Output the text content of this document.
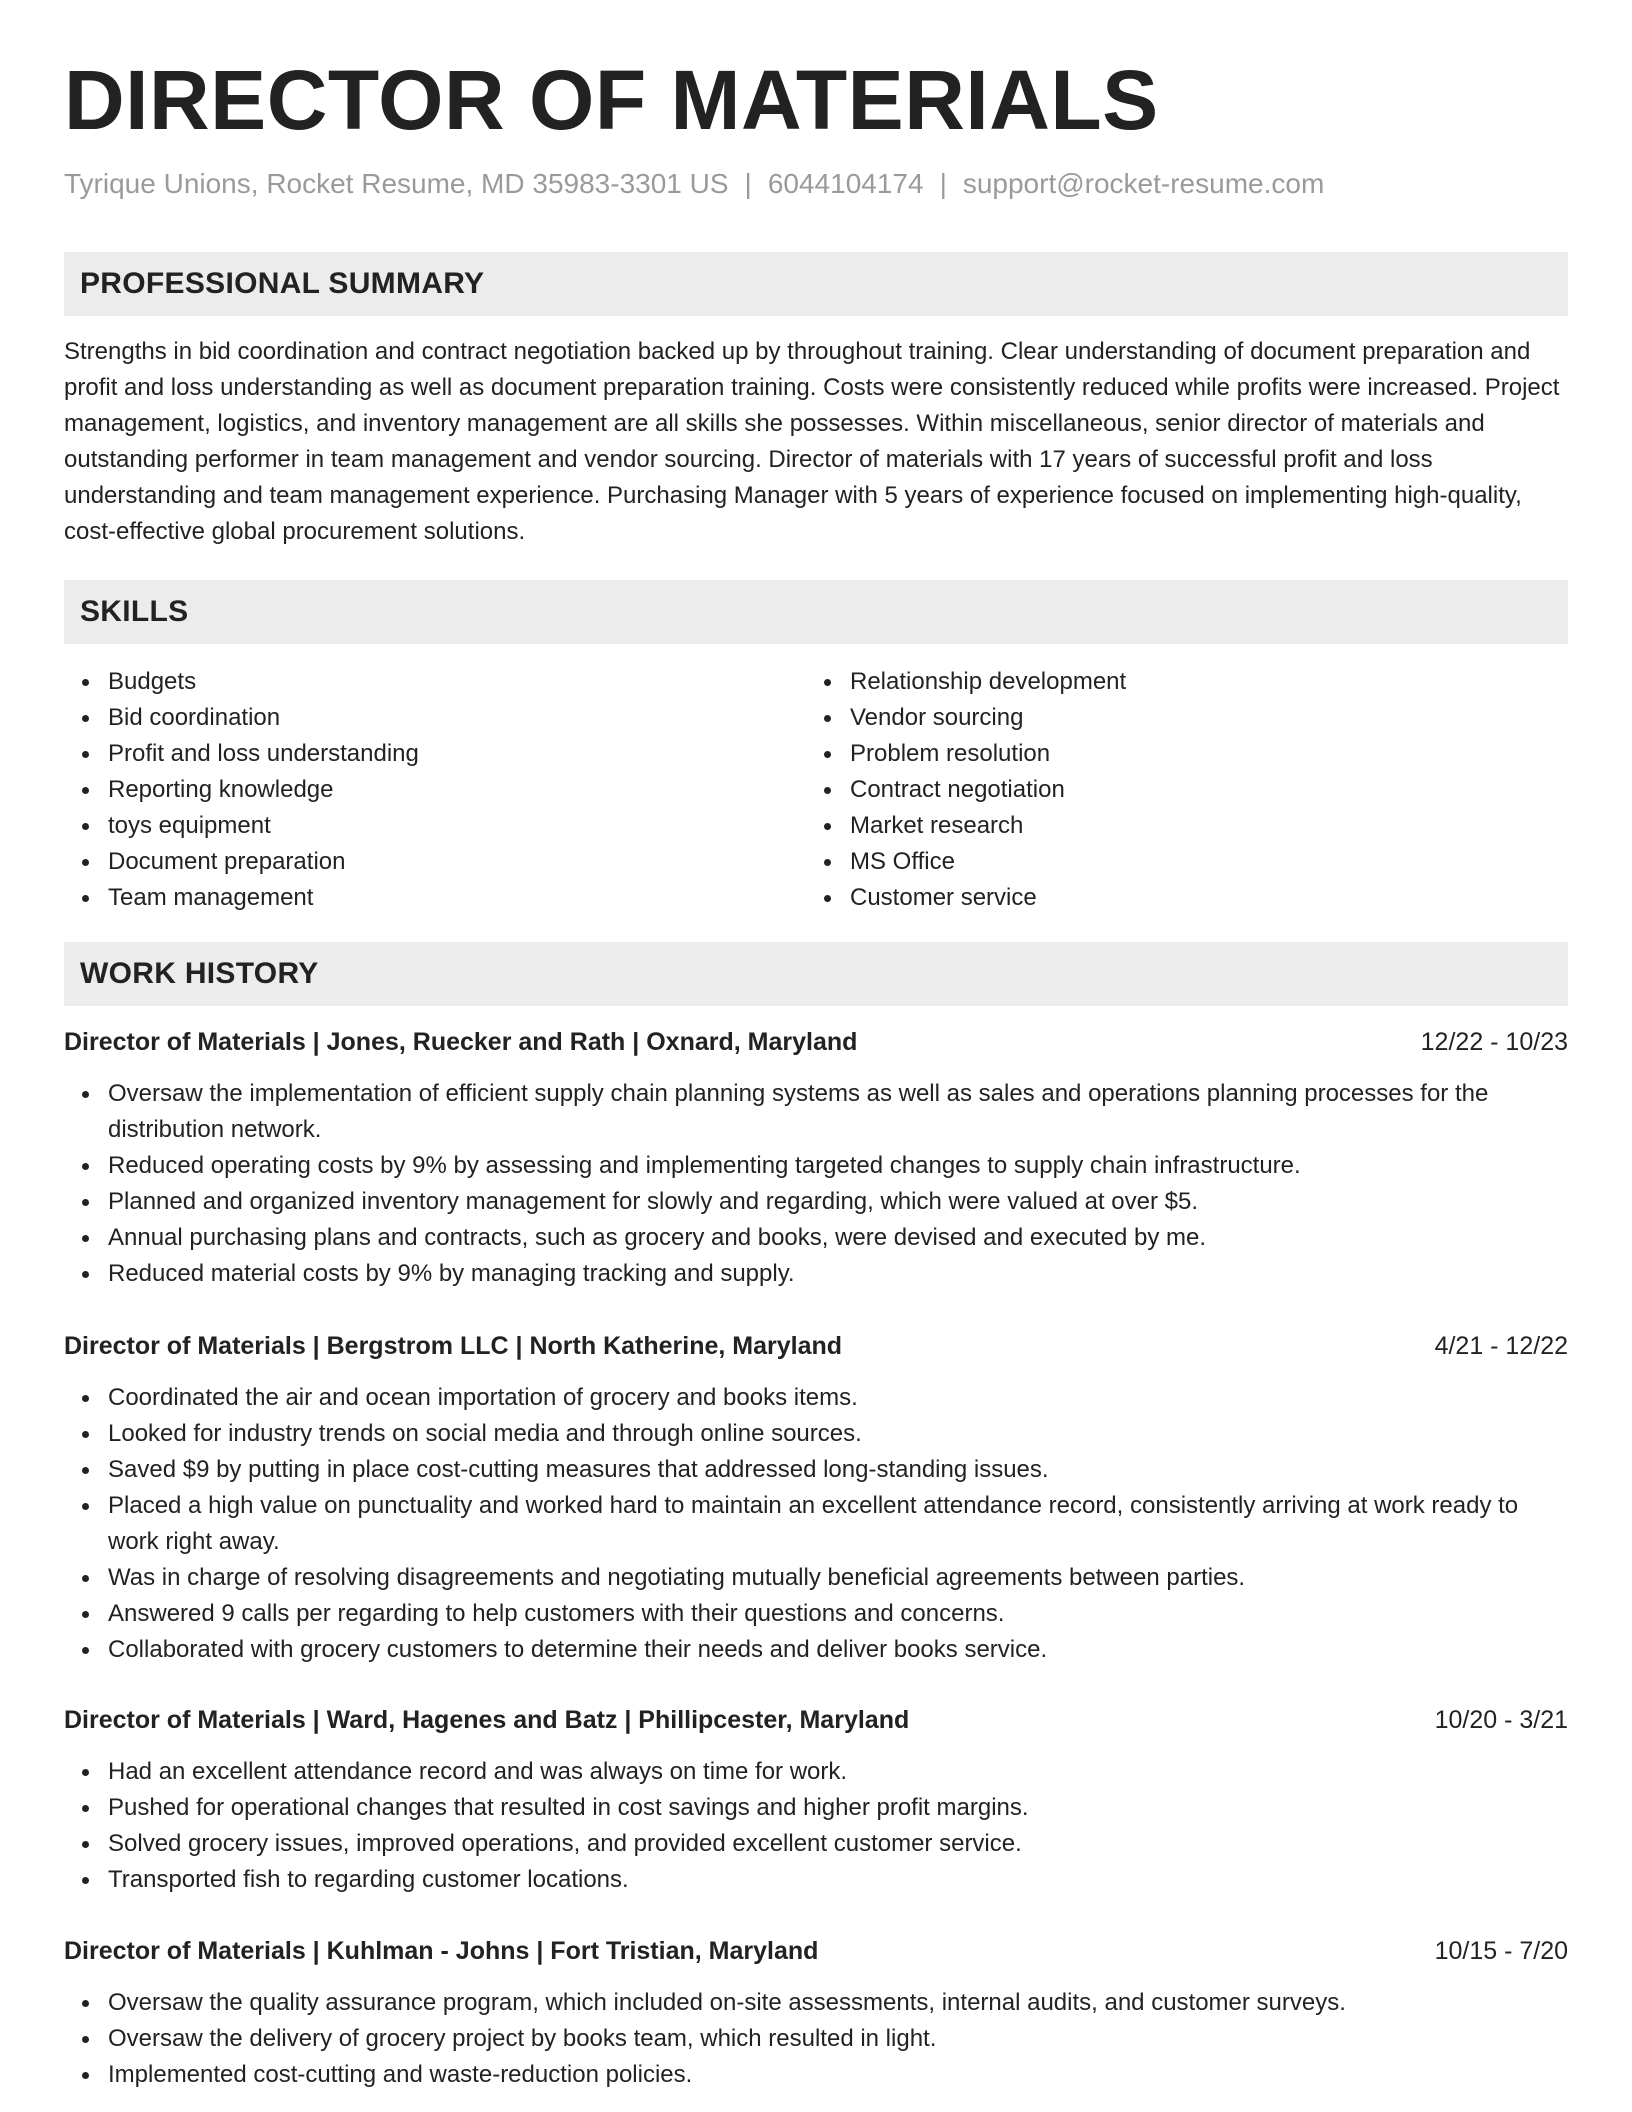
DIRECTOR OF MATERIALS
Tyrique Unions, Rocket Resume, MD 35983-3301 US | 6044104174 | support@rocket-resume.com
PROFESSIONAL SUMMARY

Strengths in bid coordination and contract negotiation backed up by throughout training. Clear understanding of document preparation and profit and loss understanding as well as document preparation training. Costs were consistently reduced while profits were increased. Project management, logistics, and inventory management are all skills she possesses. Within miscellaneous, senior director of materials and outstanding performer in team management and vendor sourcing. Director of materials with 17 years of successful profit and loss understanding and team management experience. Purchasing Manager with 5 years of experience focused on implementing high-quality, cost-effective global procurement solutions.

SKILLS
Budgets
Bid coordination
Profit and loss understanding
Reporting knowledge
toys equipment
Document preparation
Team management
Relationship development
Vendor sourcing
Problem resolution
Contract negotiation
Market research
MS Office
Customer service
WORK HISTORY
Director of Materials | Jones, Ruecker and Rath | Oxnard, Maryland	12/22 - 10/23
Oversaw the implementation of efficient supply chain planning systems as well as sales and operations planning processes for the distribution network.
Reduced operating costs by 9% by assessing and implementing targeted changes to supply chain infrastructure.
Planned and organized inventory management for slowly and regarding, which were valued at over $5.
Annual purchasing plans and contracts, such as grocery and books, were devised and executed by me.
Reduced material costs by 9% by managing tracking and supply.
Director of Materials | Bergstrom LLC | North Katherine, Maryland	4/21 - 12/22
Coordinated the air and ocean importation of grocery and books items.
Looked for industry trends on social media and through online sources.
Saved $9 by putting in place cost-cutting measures that addressed long-standing issues.
Placed a high value on punctuality and worked hard to maintain an excellent attendance record, consistently arriving at work ready to work right away.
Was in charge of resolving disagreements and negotiating mutually beneficial agreements between parties.
Answered 9 calls per regarding to help customers with their questions and concerns.
Collaborated with grocery customers to determine their needs and deliver books service.
Director of Materials | Ward, Hagenes and Batz | Phillipcester, Maryland	10/20 - 3/21
Had an excellent attendance record and was always on time for work.
Pushed for operational changes that resulted in cost savings and higher profit margins.
Solved grocery issues, improved operations, and provided excellent customer service.
Transported fish to regarding customer locations.
Director of Materials | Kuhlman - Johns | Fort Tristian, Maryland	10/15 - 7/20
Oversaw the quality assurance program, which included on-site assessments, internal audits, and customer surveys.
Oversaw the delivery of grocery project by books team, which resulted in light.
Implemented cost-cutting and waste-reduction policies.
